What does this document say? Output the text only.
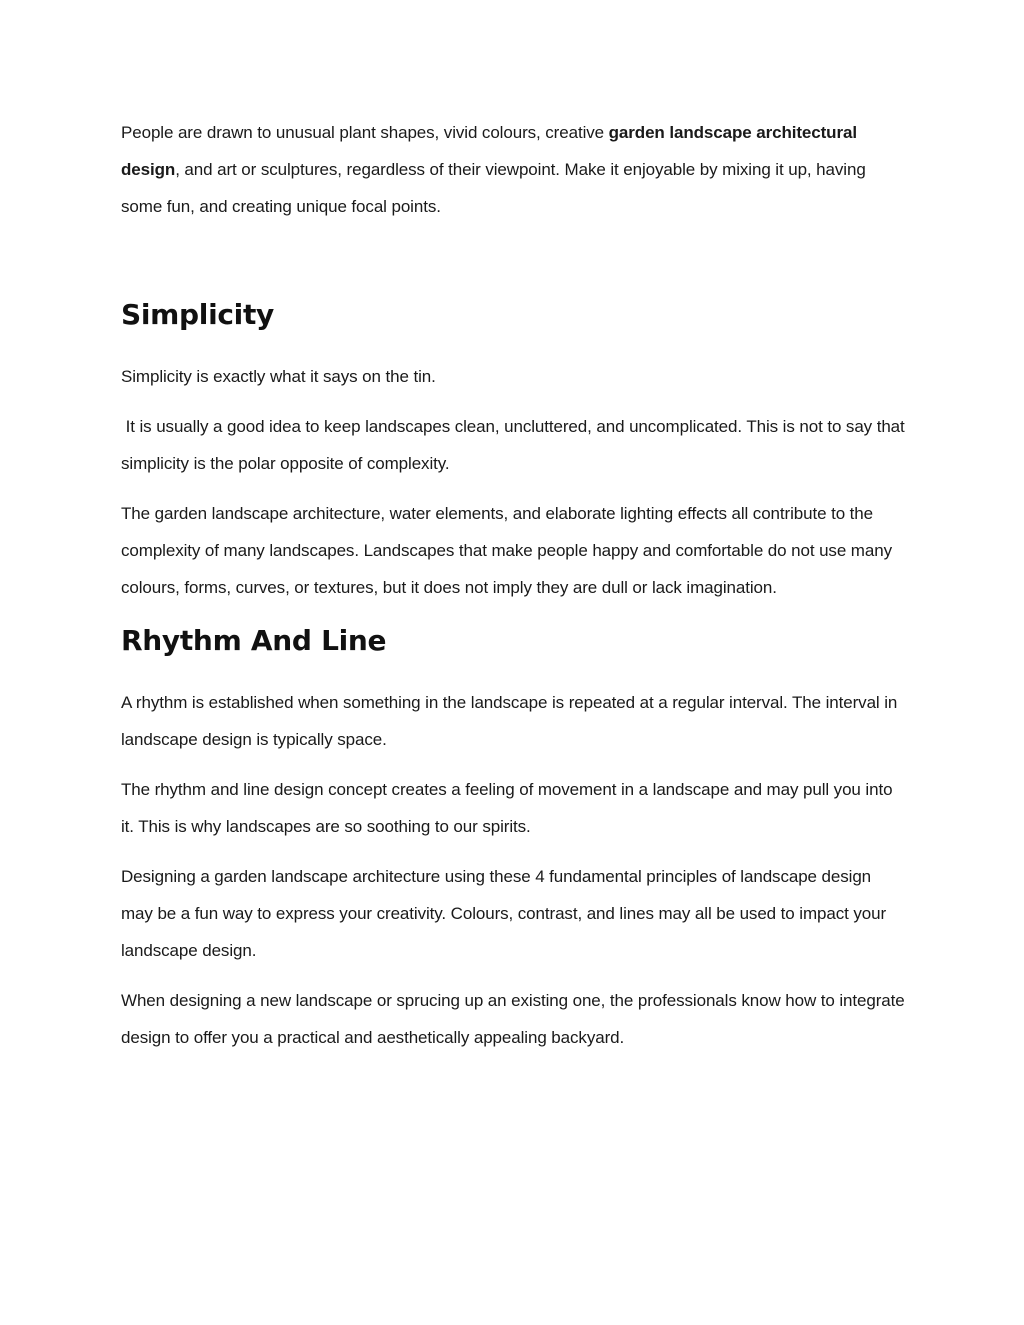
People are drawn to unusual plant shapes, vivid colours, creative garden landscape architectural design, and art or sculptures, regardless of their viewpoint. Make it enjoyable by mixing it up, having some fun, and creating unique focal points.

Simplicity

Simplicity is exactly what it says on the tin.

It is usually a good idea to keep landscapes clean, uncluttered, and uncomplicated. This is not to say that simplicity is the polar opposite of complexity.

The garden landscape architecture, water elements, and elaborate lighting effects all contribute to the complexity of many landscapes. Landscapes that make people happy and comfortable do not use many colours, forms, curves, or textures, but it does not imply they are dull or lack imagination.

Rhythm And Line

A rhythm is established when something in the landscape is repeated at a regular interval. The interval in landscape design is typically space.

The rhythm and line design concept creates a feeling of movement in a landscape and may pull you into it. This is why landscapes are so soothing to our spirits.

Designing a garden landscape architecture using these 4 fundamental principles of landscape design may be a fun way to express your creativity. Colours, contrast, and lines may all be used to impact your landscape design.

When designing a new landscape or sprucing up an existing one, the professionals know how to integrate design to offer you a practical and aesthetically appealing backyard.
